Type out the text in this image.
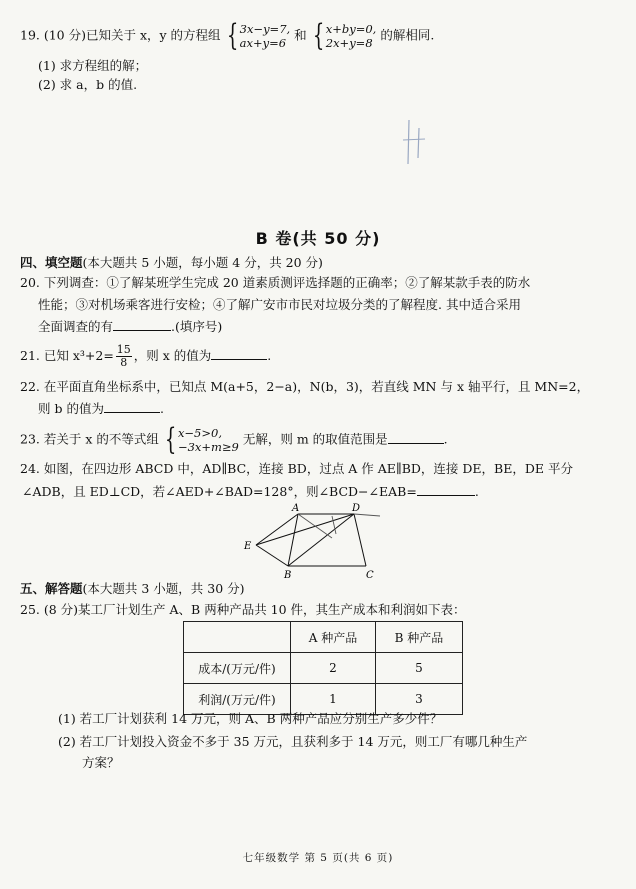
19. (10 分)已知关于 x，y 的方程组 { 3x−y=7,
ax+y=6
和 { x+by=0,
2x+y=8
的解相同.
(1) 求方程组的解；
(2) 求 a，b 的值.
B 卷(共 50 分)
四、填空题(本大题共 5 小题，每小题 4 分，共 20 分)
20. 下列调查：①了解某班学生完成 20 道素质测评选择题的正确率；②了解某款手表的防水
性能；③对机场乘客进行安检；④了解广安市市民对垃圾分类的了解程度. 其中适合采用
全面调查的有	.(填序号)
21. 已知 $x^3+2= \frac{15}{8}$ ，则 x 的值为	.
22. 在平面直角坐标系中，已知点 M(a+5，2−a)，N(b，3)，若直线 MN 与 x 轴平行，且 MN=2，
则 b 的值为	.
23. 若关于 x 的不等式组 { x−5>0,
−3x+m≥9
无解，则 m 的取值范围是	.
24. 如图，在四边形 ABCD 中，AD∥BC，连接 BD，过点 A 作 AE∥BD，连接 DE，BE，DE 平分
∠ADB，且 ED⊥CD，若∠AED+∠BAD=128°，则∠BCD−∠EAB=	.
A	D
E
B	C
五、解答题(本大题共 3 小题，共 30 分)
25. (8 分)某工厂计划生产 A、B 两种产品共 10 件，其生产成本和利润如下表：
	A 种产品	B 种产品
成本/(万元/件)	2	5
利润/(万元/件)	1	3
(1) 若工厂计划获利 14 万元，则 A、B 两种产品应分别生产多少件？
(2) 若工厂计划投入资金不多于 35 万元，且获利多于 14 万元，则工厂有哪几种生产
方案？
七年级数学 第 5 页(共 6 页)
